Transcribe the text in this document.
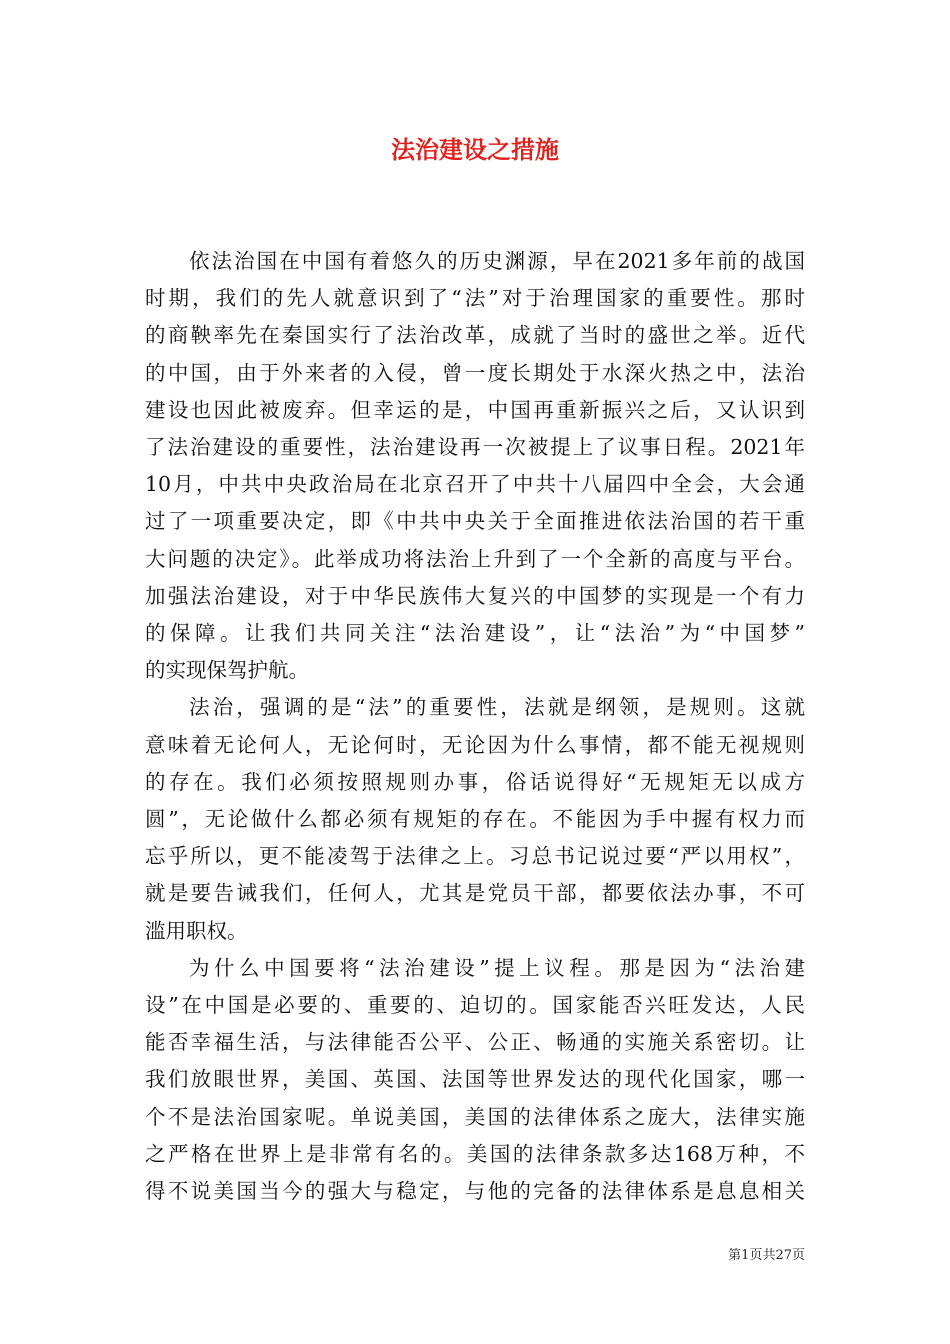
法治建设之措施
依法治国在中国有着悠久的历史渊源，早在2021多年前的战国
时期，我们的先人就意识到了“法”对于治理国家的重要性。那时
的商鞅率先在秦国实行了法治改革，成就了当时的盛世之举。近代
的中国，由于外来者的入侵，曾一度长期处于水深火热之中，法治
建设也因此被废弃。但幸运的是，中国再重新振兴之后，又认识到
了法治建设的重要性，法治建设再一次被提上了议事日程。2021年
10月，中共中央政治局在北京召开了中共十八届四中全会，大会通
过了一项重要决定，即《中共中央关于全面推进依法治国的若干重
大问题的决定》。此举成功将法治上升到了一个全新的高度与平台。
加强法治建设，对于中华民族伟大复兴的中国梦的实现是一个有力
的保障。让我们共同关注“法治建设”，让“法治”为“中国梦”
的实现保驾护航。
法治，强调的是“法”的重要性，法就是纲领，是规则。这就
意味着无论何人，无论何时，无论因为什么事情，都不能无视规则
的存在。我们必须按照规则办事，俗话说得好“无规矩无以成方
圆”，无论做什么都必须有规矩的存在。不能因为手中握有权力而
忘乎所以，更不能凌驾于法律之上。习总书记说过要“严以用权”，
就是要告诫我们，任何人，尤其是党员干部，都要依法办事，不可
滥用职权。
为什么中国要将“法治建设”提上议程。那是因为“法治建
设”在中国是必要的、重要的、迫切的。国家能否兴旺发达，人民
能否幸福生活，与法律能否公平、公正、畅通的实施关系密切。让
我们放眼世界，美国、英国、法国等世界发达的现代化国家，哪一
个不是法治国家呢。单说美国，美国的法律体系之庞大，法律实施
之严格在世界上是非常有名的。美国的法律条款多达168万种，不
得不说美国当今的强大与稳定，与他的完备的法律体系是息息相关
第1页共27页
